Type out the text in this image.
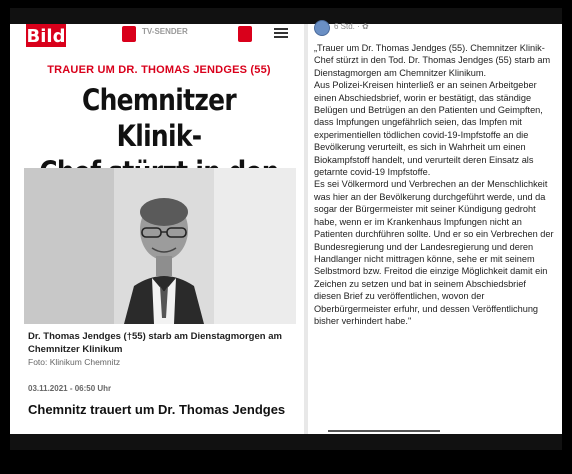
Bild	TV-SENDER
TRAUER UM DR. THOMAS JENDGES (55)
Chemnitzer Klinik-
Dr. Thomas Jendges (†55) starb am Dienstagmorgen am
Chemnitzer Klinikum
Foto: Klinikum Chemnitz
03.11.2021 - 06:50 Uhr
Chemnitz trauert um Dr. Thomas Jendges
6 Std. · ✿

„Trauer um Dr. Thomas Jendges (55). Chemnitzer Klinik-Chef stürzt in den Tod. Dr. Thomas Jendges (55) starb am Dienstagmorgen am Chemnitzer Klinikum.

Aus Polizei-Kreisen hinterließ er an seinen Arbeitgeber einen Abschiedsbrief, worin er bestätigt, das ständige Belügen und Betrügen an den Patienten und Geimpften, dass Impfungen ungefährlich seien, das Impfen mit experimentiellen tödlichen covid-19-Impfstoffe an die Bevölkerung verurteilt, es sich in Wahrheit um einen Biokampfstoff handelt, und verurteilt deren Einsatz als getarnte covid-19 Impfstoffe.

Es sei Völkermord und Verbrechen an der Menschlichkeit was hier an der Bevölkerung durchgeführt werde, und da sogar der Bürgermeister mit seiner Kündigung gedroht habe, wenn er im Krankenhaus Impfungen nicht an Patienten durchführen sollte. Und er so ein Verbrechen der Bundesregierung und der Landesregierung und deren Handlanger nicht mittragen könne, sehe er mit seinem Selbstmord bzw. Freitod die einzige Möglichkeit damit ein Zeichen zu setzen und bat in seinem Abschiedsbrief diesen Brief zu veröffentlichen, wovon der Oberbürgermeister erfuhr, und dessen Veröffentlichung bisher verhindert habe."
